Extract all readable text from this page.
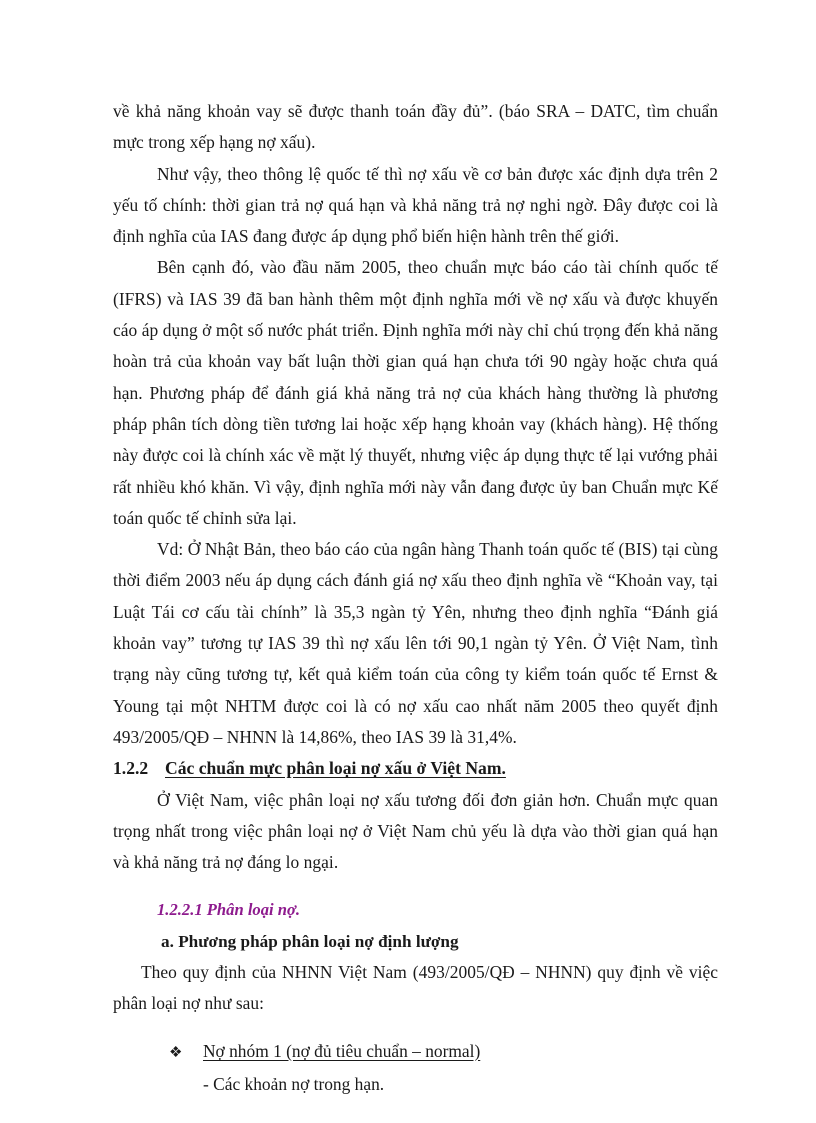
về khả năng khoản vay sẽ được thanh toán đầy đủ”. (báo SRA – DATC, tìm chuẩn mực trong xếp hạng nợ xấu).

Như vậy, theo thông lệ quốc tế thì nợ xấu về cơ bản được xác định dựa trên 2 yếu tố chính: thời gian trả nợ quá hạn và khả năng trả nợ nghi ngờ. Đây được coi là định nghĩa của IAS đang được áp dụng phổ biến hiện hành trên thế giới.

Bên cạnh đó, vào đầu năm 2005, theo chuẩn mực báo cáo tài chính quốc tế (IFRS) và IAS 39 đã ban hành thêm một định nghĩa mới về nợ xấu và được khuyến cáo áp dụng ở một số nước phát triển. Định nghĩa mới này chỉ chú trọng đến khả năng hoàn trả của khoản vay bất luận thời gian quá hạn chưa tới 90 ngày hoặc chưa quá hạn. Phương pháp để đánh giá khả năng trả nợ của khách hàng thường là phương pháp phân tích dòng tiền tương lai hoặc xếp hạng khoản vay (khách hàng). Hệ thống này được coi là chính xác về mặt lý thuyết, nhưng việc áp dụng thực tế lại vướng phải rất nhiều khó khăn. Vì vậy, định nghĩa mới này vẫn đang được ủy ban Chuẩn mực Kế toán quốc tế chỉnh sửa lại.

Vd: Ở Nhật Bản, theo báo cáo của ngân hàng Thanh toán quốc tế (BIS) tại cùng thời điểm 2003 nếu áp dụng cách đánh giá nợ xấu theo định nghĩa về “Khoản vay, tại Luật Tái cơ cấu tài chính” là 35,3 ngàn tỷ Yên, nhưng theo định nghĩa “Đánh giá khoản vay” tương tự IAS 39 thì nợ xấu lên tới 90,1 ngàn tỷ Yên. Ở Việt Nam, tình trạng này cũng tương tự, kết quả kiểm toán của công ty kiểm toán quốc tế Ernst & Young tại một NHTM được coi là có nợ xấu cao nhất năm 2005 theo quyết định 493/2005/QĐ – NHNN là 14,86%, theo IAS 39 là 31,4%.

1.2.2 Các chuẩn mực phân loại nợ xấu ở Việt Nam.

Ở Việt Nam, việc phân loại nợ xấu tương đối đơn giản hơn. Chuẩn mực quan trọng nhất trong việc phân loại nợ ở Việt Nam chủ yếu là dựa vào thời gian quá hạn và khả năng trả nợ đáng lo ngại.

1.2.2.1 Phân loại nợ.
a. Phương pháp phân loại nợ định lượng

Theo quy định của NHNN Việt Nam (493/2005/QĐ – NHNN) quy định về việc phân loại nợ như sau:

❖	Nợ nhóm 1 (nợ đủ tiêu chuẩn – normal)
- Các khoản nợ trong hạn.
